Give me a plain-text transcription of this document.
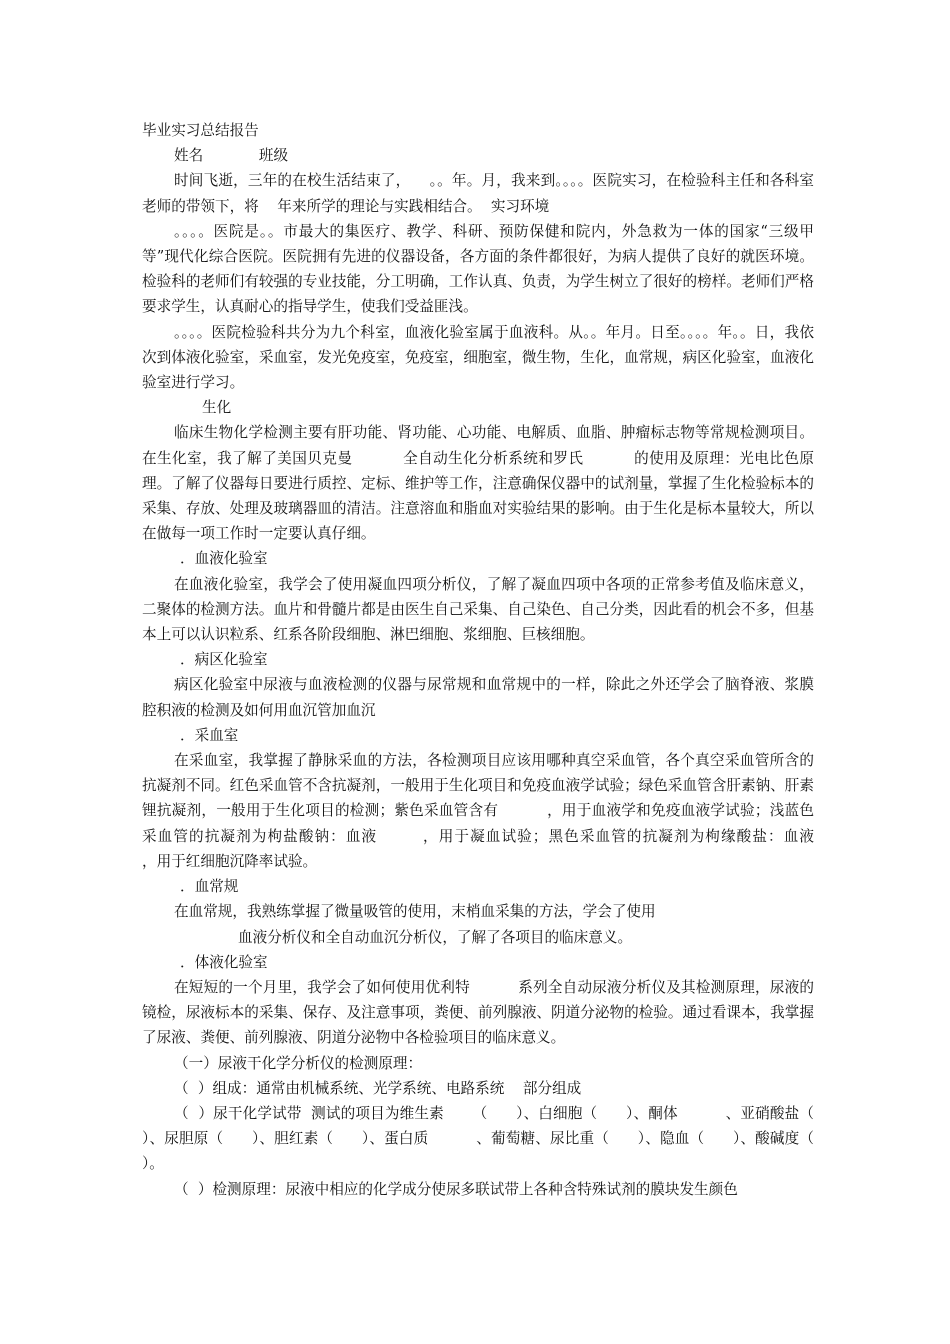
毕业实习总结报告
姓名            班级
时间飞逝，三年的在校生活结束了，    。。年。月，我来到。。。。医院实习，在检验科主任和各科室老师的带领下，将    年来所学的理论与实践相结合。  实习环境
。。。。医院是。。市最大的集医疗、教学、科研、预防保健和院内，外急救为一体的国家“三级甲等”现代化综合医院。医院拥有先进的仪器设备，各方面的条件都很好，为病人提供了良好的就医环境。检验科的老师们有较强的专业技能，分工明确，工作认真、负责，为学生树立了很好的榜样。老师们严格要求学生，认真耐心的指导学生，使我们受益匪浅。
。。。。医院检验科共分为九个科室，血液化验室属于血液科。从。。年月。日至。。。。年。。日，我依次到体液化验室，采血室，发光免疫室，免疫室，细胞室，微生物，生化，血常规，病区化验室，血液化验室进行学习。
生化
临床生物化学检测主要有肝功能、肾功能、心功能、电解质、血脂、肿瘤标志物等常规检测项目。在生化室，我了解了美国贝克曼          全自动生化分析系统和罗氏          的使用及原理：光电比色原理。了解了仪器每日要进行质控、定标、维护等工作，注意确保仪器中的试剂量，掌握了生化检验标本的采集、存放、处理及玻璃器皿的清洁。注意溶血和脂血对实验结果的影响。由于生化是标本量较大，所以在做每一项工作时一定要认真仔细。
．血液化验室
在血液化验室，我学会了使用凝血四项分析仪，了解了凝血四项中各项的正常参考值及临床意义，    二聚体的检测方法。血片和骨髓片都是由医生自己采集、自己染色、自己分类，因此看的机会不多，但基本上可以认识粒系、红系各阶段细胞、淋巴细胞、浆细胞、巨核细胞。
．病区化验室
病区化验室中尿液与血液检测的仪器与尿常规和血常规中的一样，除此之外还学会了脑脊液、浆膜腔积液的检测及如何用血沉管加血沉
．采血室
在采血室，我掌握了静脉采血的方法，各检测项目应该用哪种真空采血管，各个真空采血管所含的抗凝剂不同。红色采血管不含抗凝剂，一般用于生化项目和免疫血液学试验；绿色采血管含肝素钠、肝素锂抗凝剂，一般用于生化项目的检测；紫色采血管含有          ，用于血液学和免疫血液学试验；浅蓝色采血管的抗凝剂为枸盐酸钠：血液        ，用于凝血试验；黑色采血管的抗凝剂为枸缘酸盐：血液        ，用于红细胞沉降率试验。
．血常规
在血常规，我熟练掌握了微量吸管的使用，末梢血采集的方法，学会了使用
血液分析仪和全自动血沉分析仪，了解了各项目的临床意义。
．体液化验室
在短短的一个月里，我学会了如何使用优利特          系列全自动尿液分析仪及其检测原理，尿液的镜检，尿液标本的采集、保存、及注意事项，粪便、前列腺液、阴道分泌物的检验。通过看课本，我掌握了尿液、粪便、前列腺液、阴道分泌物中各检验项目的临床意义。
（一）尿液干化学分析仪的检测原理：
（  ）组成：通常由机械系统、光学系统、电路系统    部分组成
（  ）尿干化学试带  测试的项目为维生素      （      ）、白细胞（      ）、酮体          、亚硝酸盐（      ）、尿胆原（      ）、胆红素（      ）、蛋白质          、葡萄糖、尿比重（      ）、隐血（      ）、酸碱度（    ）。
（  ）检测原理：尿液中相应的化学成分使尿多联试带上各种含特殊试剂的膜块发生颜色
